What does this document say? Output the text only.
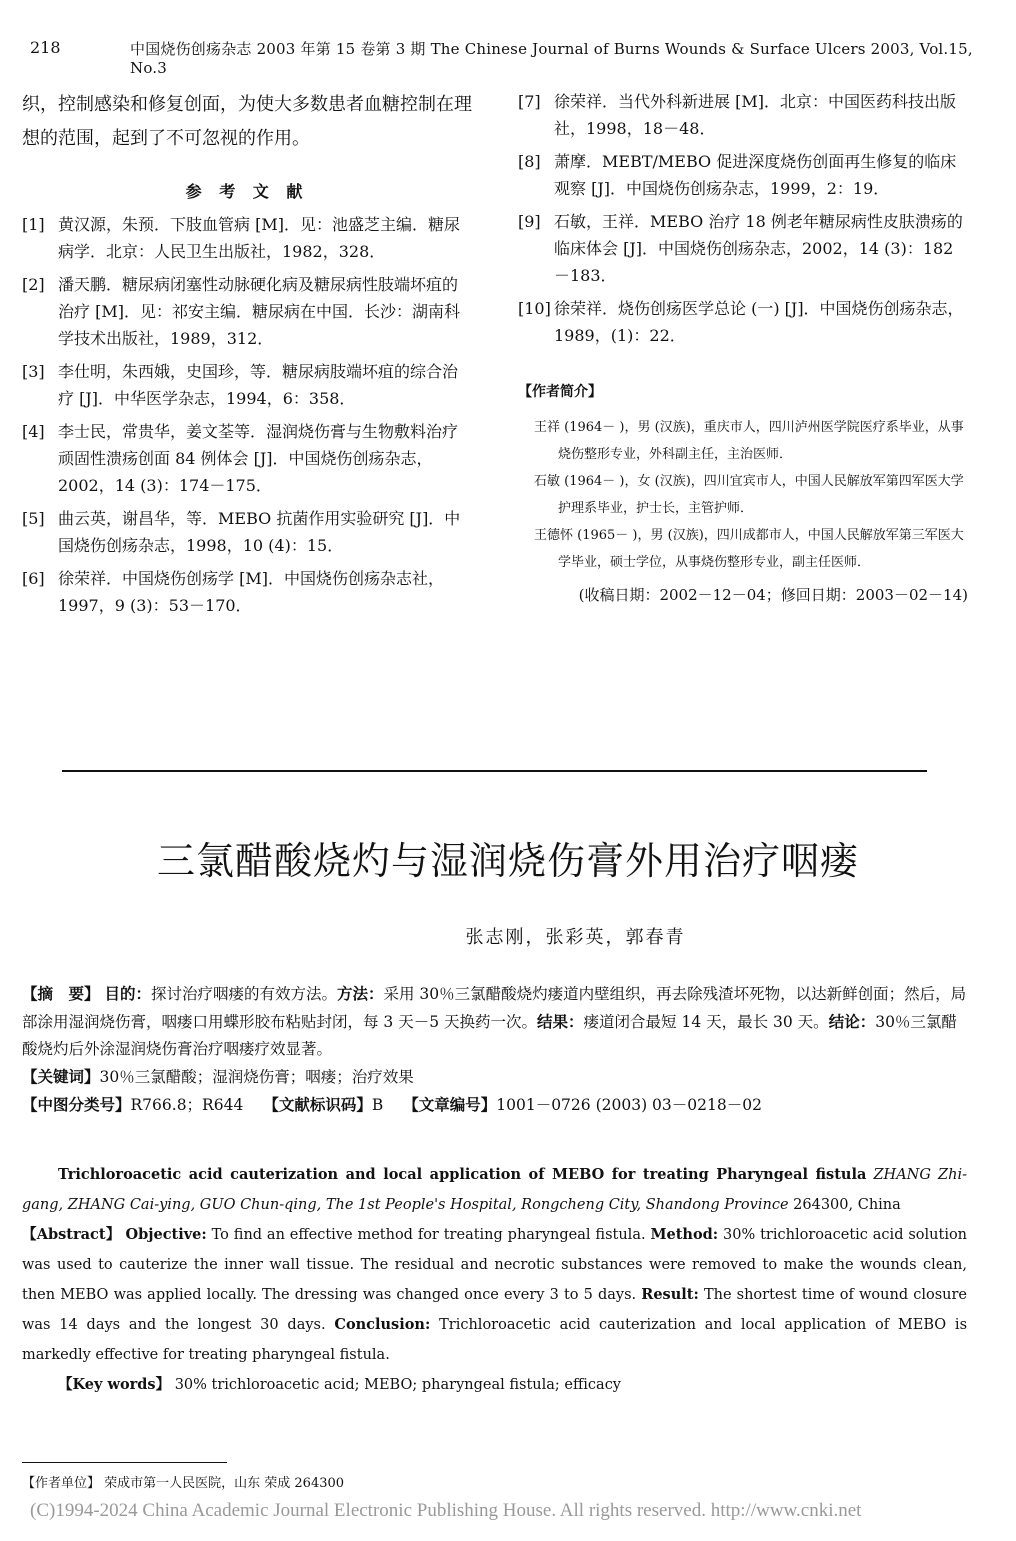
218	中国烧伤创疡杂志 2003 年第 15 卷第 3 期 The Chinese Journal of Burns Wounds & Surface Ulcers 2003, Vol.15, No.3

织，控制感染和修复创面，为使大多数患者血糖控制在理想的范围，起到了不可忽视的作用。

参 考 文 献
[1] 黄汉源，朱预．下肢血管病 [M]．见：池盛芝主编．糖尿病学．北京：人民卫生出版社，1982，328．
[2] 潘天鹏．糖尿病闭塞性动脉硬化病及糖尿病性肢端坏疽的治疗 [M]．见：祁安主编．糖尿病在中国．长沙：湖南科学技术出版社，1989，312．
[3] 李仕明，朱西娥，史国珍，等．糖尿病肢端坏疽的综合治疗 [J]．中华医学杂志，1994，6：358．
[4] 李士民，常贵华，姜文荃等．湿润烧伤膏与生物敷料治疗顽固性溃疡创面 84 例体会 [J]．中国烧伤创疡杂志，2002，14 (3)：174－175．
[5] 曲云英，谢昌华，等．MEBO 抗菌作用实验研究 [J]．中国烧伤创疡杂志，1998，10 (4)：15．
[6] 徐荣祥．中国烧伤创疡学 [M]．中国烧伤创疡杂志社，1997，9 (3)：53－170．
[7] 徐荣祥．当代外科新进展 [M]．北京：中国医药科技出版社，1998，18－48．
[8] 萧摩．MEBT/MEBO 促进深度烧伤创面再生修复的临床观察 [J]．中国烧伤创疡杂志，1999，2：19．
[9] 石敏，王祥．MEBO 治疗 18 例老年糖尿病性皮肤溃疡的临床体会 [J]．中国烧伤创疡杂志，2002，14 (3)：182－183．
[10] 徐荣祥．烧伤创疡医学总论 (一) [J]．中国烧伤创疡杂志，1989，(1)：22．
【作者简介】
王祥 (1964－ )，男 (汉族)，重庆市人，四川泸州医学院医疗系毕业，从事烧伤整形专业，外科副主任，主治医师．
石敏 (1964－ )，女 (汉族)，四川宜宾市人，中国人民解放军第四军医大学护理系毕业，护士长，主管护师．
王德怀 (1965－ )，男 (汉族)，四川成都市人，中国人民解放军第三军医大学毕业，硕士学位，从事烧伤整形专业，副主任医师．
(收稿日期：2002－12－04；修回日期：2003－02－14)
三氯醋酸烧灼与湿润烧伤膏外用治疗咽瘘
张志刚，张彩英，郭春青

【摘　要】 目的：探讨治疗咽瘘的有效方法。方法：采用 30％三氯醋酸烧灼瘘道内壁组织，再去除残渣坏死物，以达新鲜创面；然后，局部涂用湿润烧伤膏，咽瘘口用蝶形胶布粘贴封闭，每 3 天－5 天换药一次。结果：瘘道闭合最短 14 天，最长 30 天。结论：30％三氯醋酸烧灼后外涂湿润烧伤膏治疗咽瘘疗效显著。

【关键词】30％三氯醋酸；湿润烧伤膏；咽瘘；治疗效果

【中图分类号】R766.8；R644 【文献标识码】B 【文章编号】1001－0726 (2003) 03－0218－02

Trichloroacetic acid cauterization and local application of MEBO for treating Pharyngeal fistula ZHANG Zhi-gang, ZHANG Cai-ying, GUO Chun-qing, The 1st People's Hospital, Rongcheng City, Shandong Province 264300, China

【Abstract】 Objective: To find an effective method for treating pharyngeal fistula. Method: 30% trichloroacetic acid solution was used to cauterize the inner wall tissue. The residual and necrotic substances were removed to make the wounds clean, then MEBO was applied locally. The dressing was changed once every 3 to 5 days. Result: The shortest time of wound closure was 14 days and the longest 30 days. Conclusion: Trichloroacetic acid cauterization and local application of MEBO is markedly effective for treating pharyngeal fistula.

【Key words】 30% trichloroacetic acid; MEBO; pharyngeal fistula; efficacy

【作者单位】 荣成市第一人民医院，山东 荣成 264300
(C)1994-2024 China Academic Journal Electronic Publishing House. All rights reserved. http://www.cnki.net
